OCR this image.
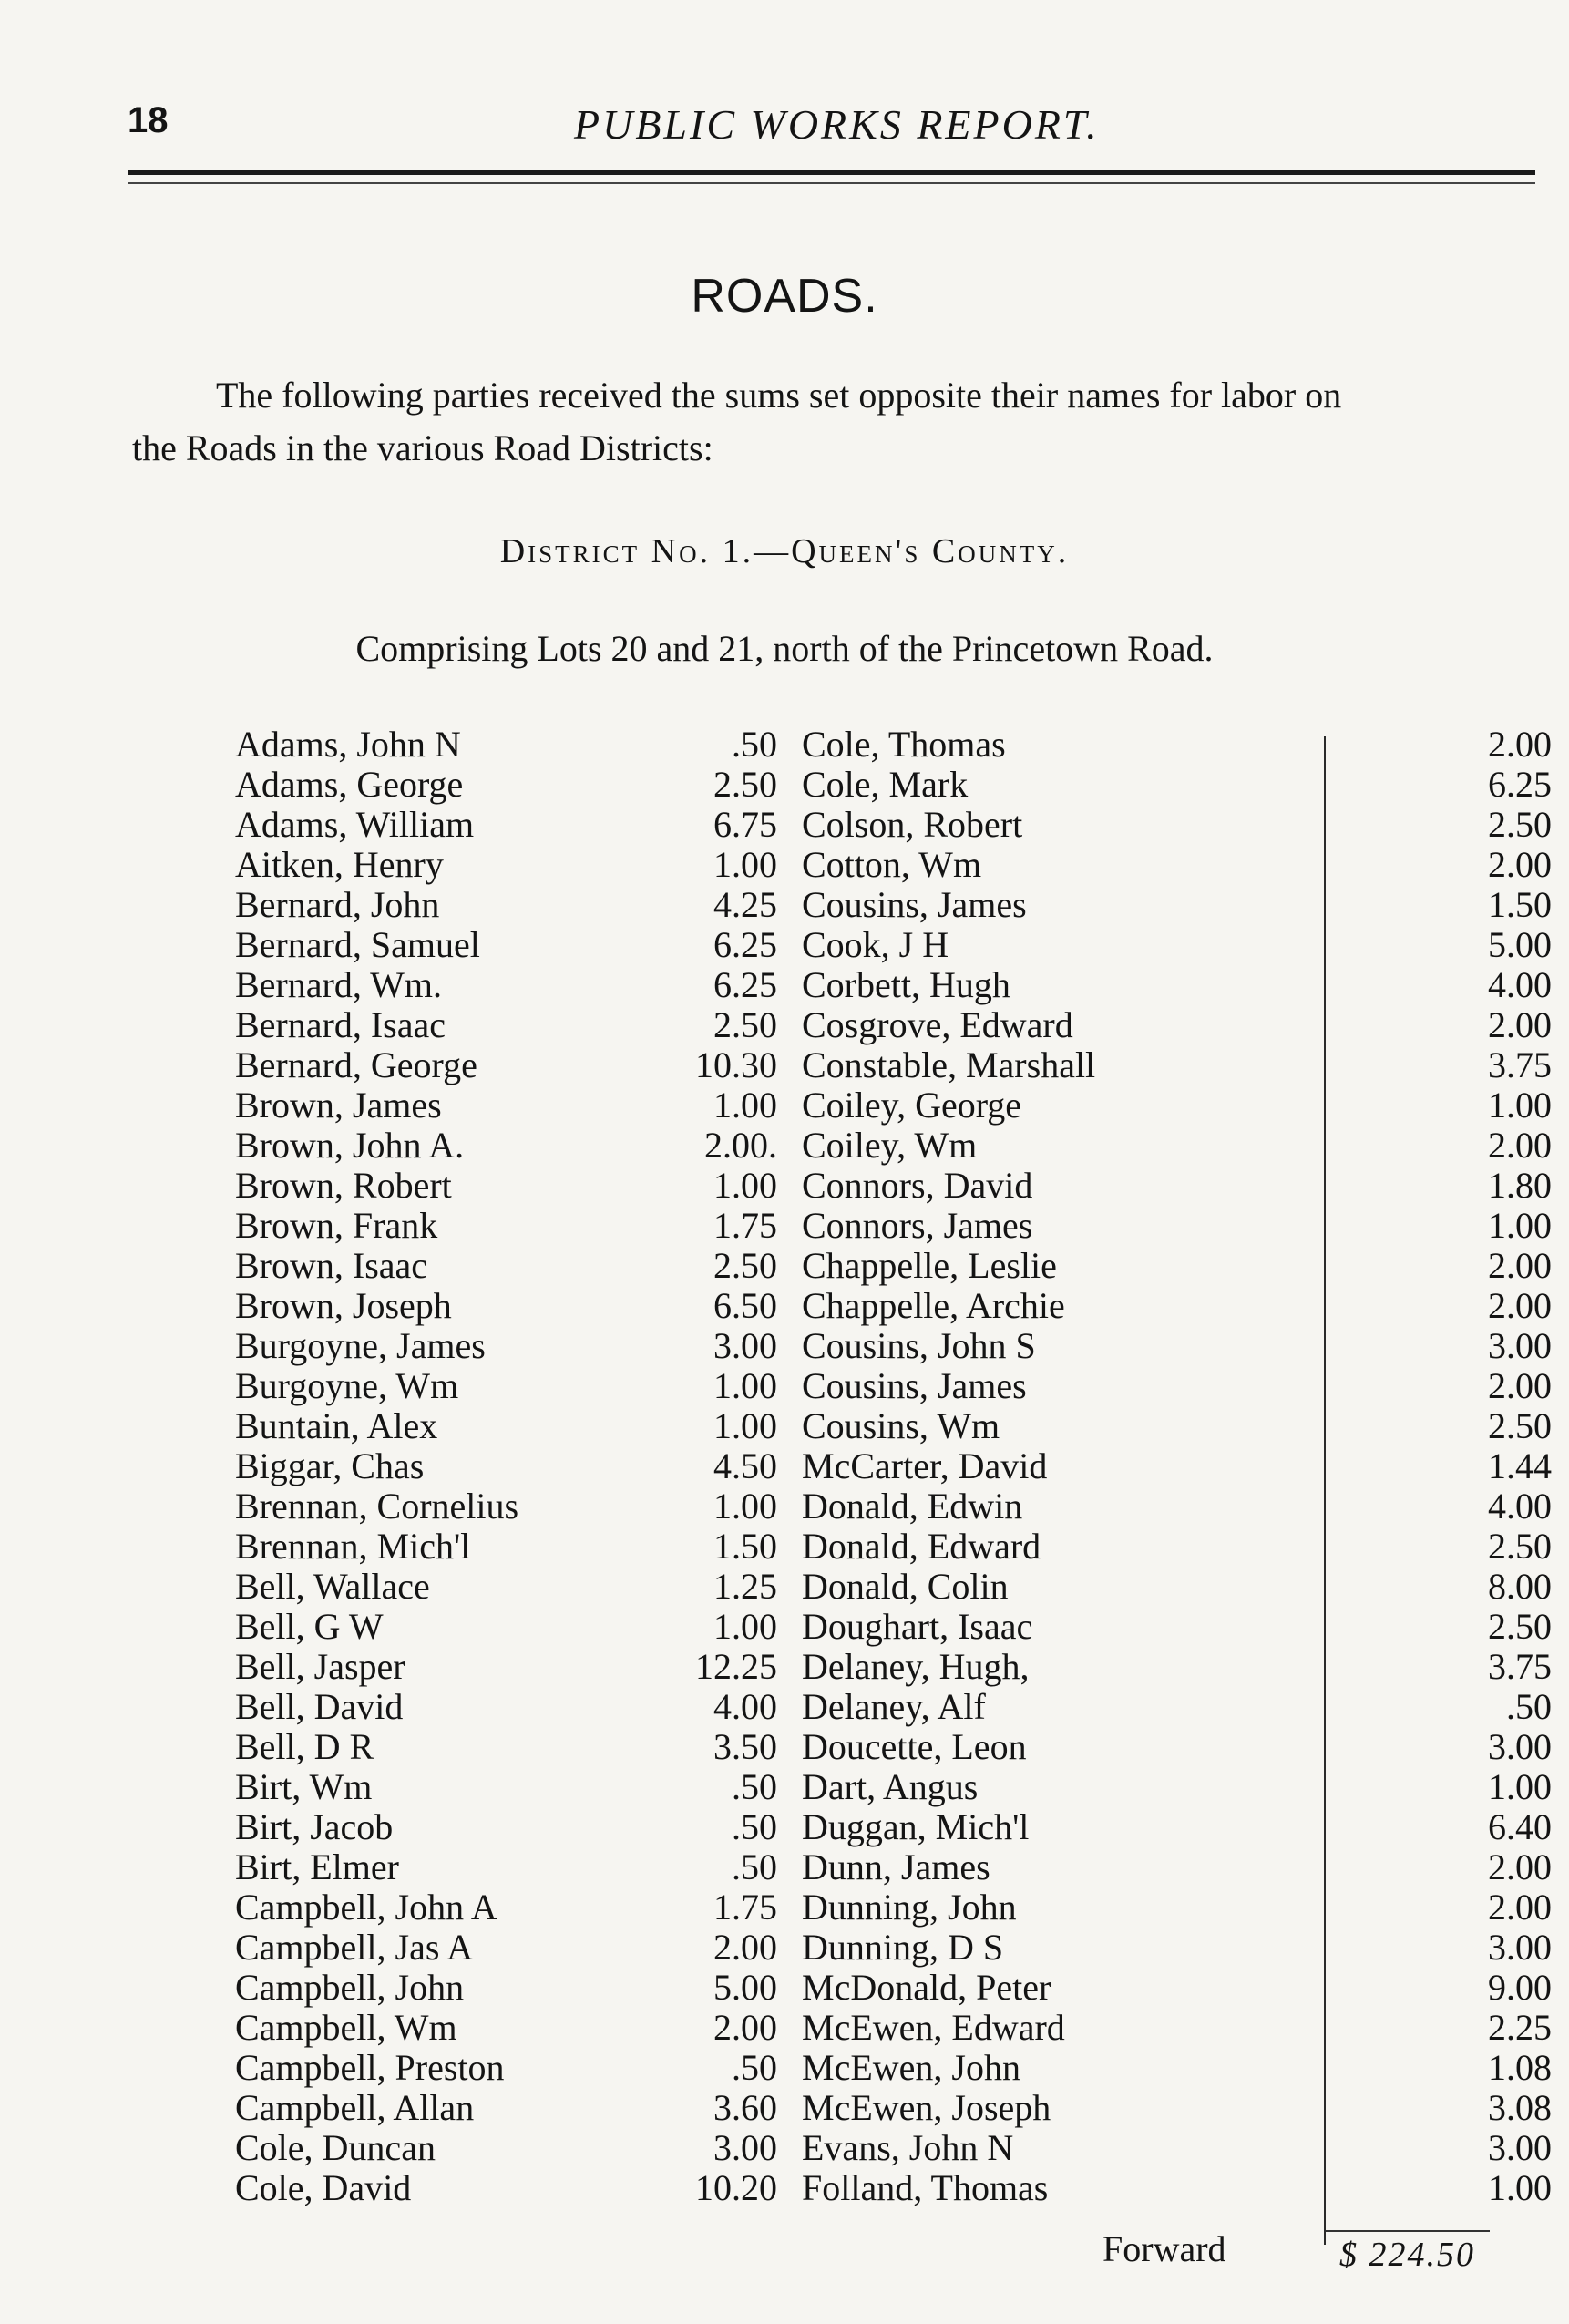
18	PUBLIC WORKS REPORT.
ROADS.
The following parties received the sums set opposite their names for labor on
the Roads in the various Road Districts:
District No. 1.—Queen's County.
Comprising Lots 20 and 21, north of the Princetown Road.
Adams, John N	.50
Adams, George	2.50
Adams, William	6.75
Aitken, Henry	1.00
Bernard, John	4.25
Bernard, Samuel	6.25
Bernard, Wm.	6.25
Bernard, Isaac	2.50
Bernard, George	10.30
Brown, James	1.00
Brown, John A.	2.00.
Brown, Robert	1.00
Brown, Frank	1.75
Brown, Isaac	2.50
Brown, Joseph	6.50
Burgoyne, James	3.00
Burgoyne, Wm	1.00
Buntain, Alex	1.00
Biggar, Chas	4.50
Brennan, Cornelius	1.00
Brennan, Mich'l	1.50
Bell, Wallace	1.25
Bell, G W	1.00
Bell, Jasper	12.25
Bell, David	4.00
Bell, D R	3.50
Birt, Wm	.50
Birt, Jacob	.50
Birt, Elmer	.50
Campbell, John A	1.75
Campbell, Jas A	2.00
Campbell, John	5.00
Campbell, Wm	2.00
Campbell, Preston	.50
Campbell, Allan	3.60
Cole, Duncan	3.00
Cole, David	10.20
Cole, Thomas	2.00
Cole, Mark	6.25
Colson, Robert	2.50
Cotton, Wm	2.00
Cousins, James	1.50
Cook, J H	5.00
Corbett, Hugh	4.00
Cosgrove, Edward	2.00
Constable, Marshall	3.75
Coiley, George	1.00
Coiley, Wm	2.00
Connors, David	1.80
Connors, James	1.00
Chappelle, Leslie	2.00
Chappelle, Archie	2.00
Cousins, John S	3.00
Cousins, James	2.00
Cousins, Wm	2.50
McCarter, David	1.44
Donald, Edwin	4.00
Donald, Edward	2.50
Donald, Colin	8.00
Doughart, Isaac	2.50
Delaney, Hugh,	3.75
Delaney, Alf	.50
Doucette, Leon	3.00
Dart, Angus	1.00
Duggan, Mich'l	6.40
Dunn, James	2.00
Dunning, John	2.00
Dunning, D S	3.00
McDonald, Peter	9.00
McEwen, Edward	2.25
McEwen, John	1.08
McEwen, Joseph	3.08
Evans, John N	3.00
Folland, Thomas	1.00
Forward	$ 224.50
